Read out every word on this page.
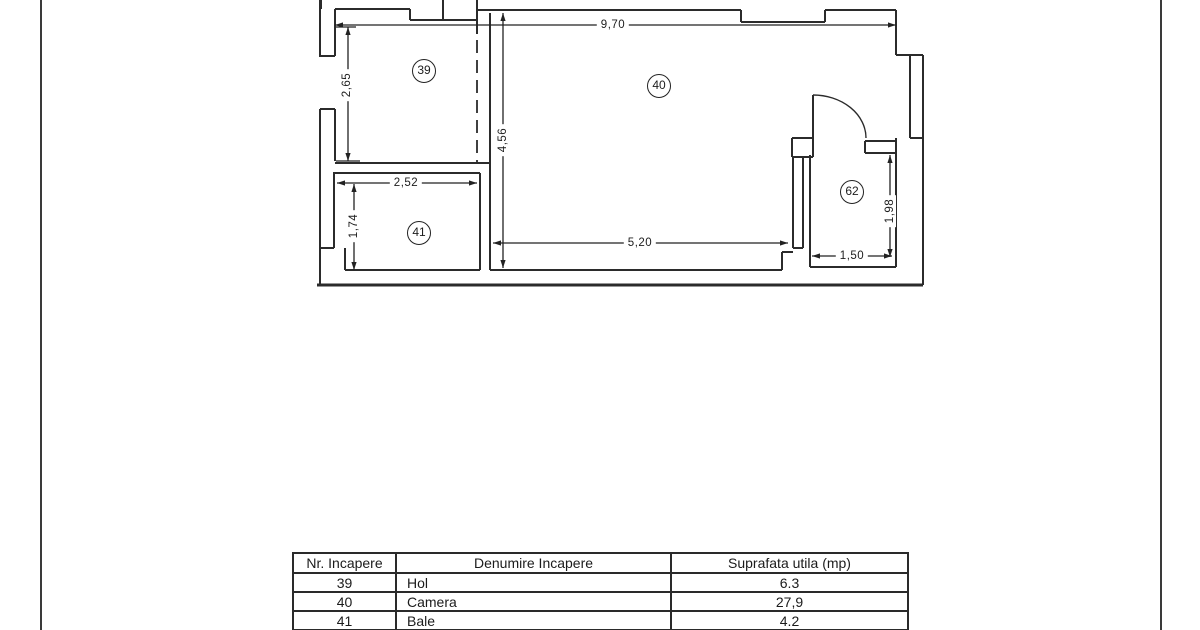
9,70
2,65
4,56
2,52
1,74
5,20
1,50
1,98
39
40
41
62
Nr. Incapere	Denumire Incapere	Suprafata utila (mp)
39	Hol	6.3
40	Camera	27,9
41	Bale	4.2
